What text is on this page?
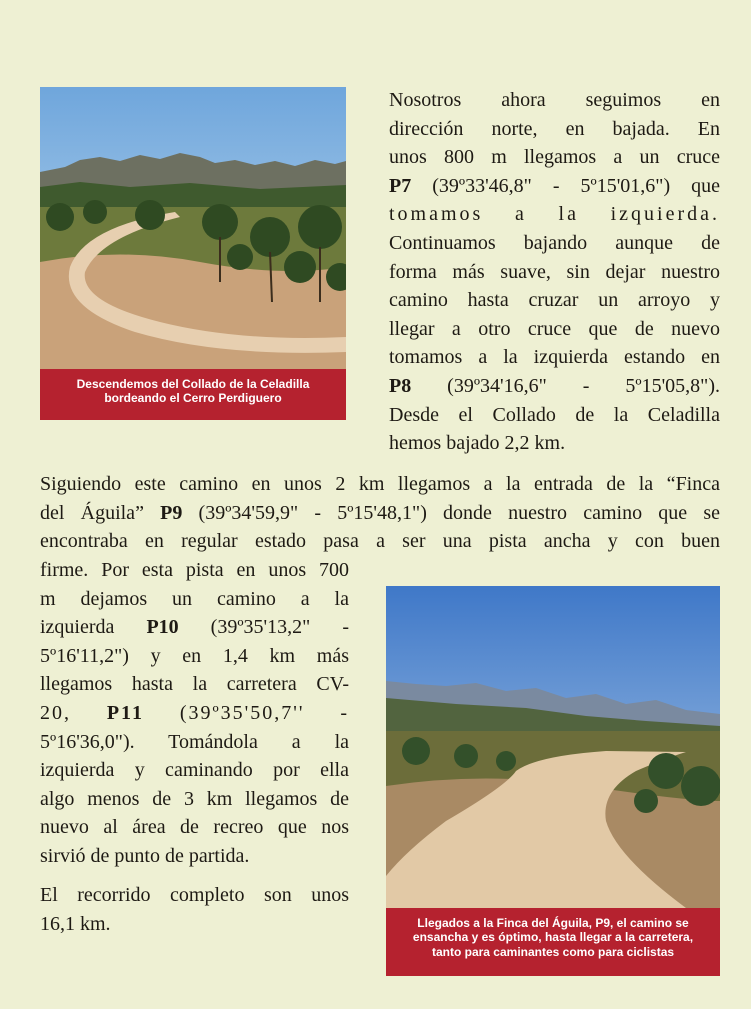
Descendemos del Collado de la Celadilla
bordeando el Cerro Perdiguero
Llegados a la Finca del Águila, P9, el camino se
ensancha y es óptimo, hasta llegar a la carretera,
tanto para caminantes como para ciclistas
Nosotros ahora seguimos en
dirección norte, en bajada. En
unos 800 m llegamos a un cruce
P7 (39º33'46,8" - 5º15'01,6") que
tomamos a la izquierda.
Continuamos bajando aunque de
forma más suave, sin dejar nuestro
camino hasta cruzar un arroyo y
llegar a otro cruce que de nuevo
tomamos a la izquierda estando en
P8 (39º34'16,6" - 5º15'05,8").
Desde el Collado de la Celadilla
hemos bajado 2,2 km.
Siguiendo este camino en unos 2 km llegamos a la entrada de la “Finca
del Águila” P9 (39º34'59,9" - 5º15'48,1") donde nuestro camino que se
encontraba en regular estado pasa a ser una pista ancha y con buen
firme. Por esta pista en unos 700
m dejamos un camino a la
izquierda P10 (39º35'13,2" -
5º16'11,2") y en 1,4 km más
llegamos hasta la carretera CV-
20, P11 (39º35'50,7'' -
5º16'36,0"). Tomándola a la
izquierda y caminando por ella
algo menos de 3 km llegamos de
nuevo al área de recreo que nos
sirvió de punto de partida.
El recorrido completo son unos
16,1 km.
